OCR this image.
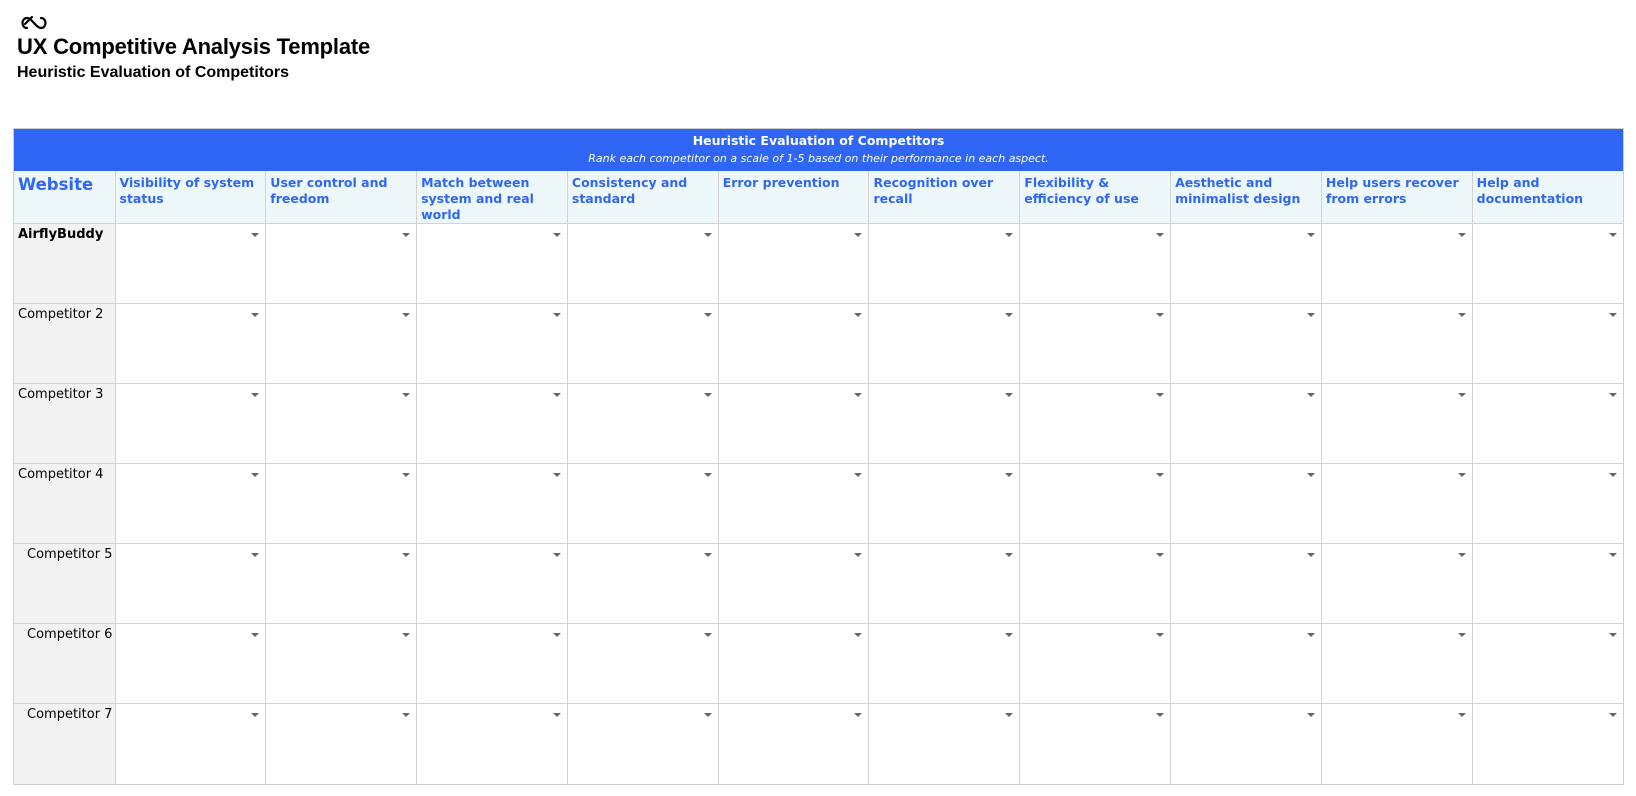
UX Competitive Analysis Template
Heuristic Evaluation of Competitors
Heuristic Evaluation of Competitors
Rank each competitor on a scale of 1-5 based on their performance in each aspect.
Website	Visibility of system status	User control and freedom	Match between system and real world	Consistency and standard	Error prevention	Recognition over recall	Flexibility & efficiency of use	Aesthetic and minimalist design	Help users recover from errors	Help and documentation
AirflyBuddy	

Competitor 2	

Competitor 3	

Competitor 4	

Competitor 5	

Competitor 6	

Competitor 7	
